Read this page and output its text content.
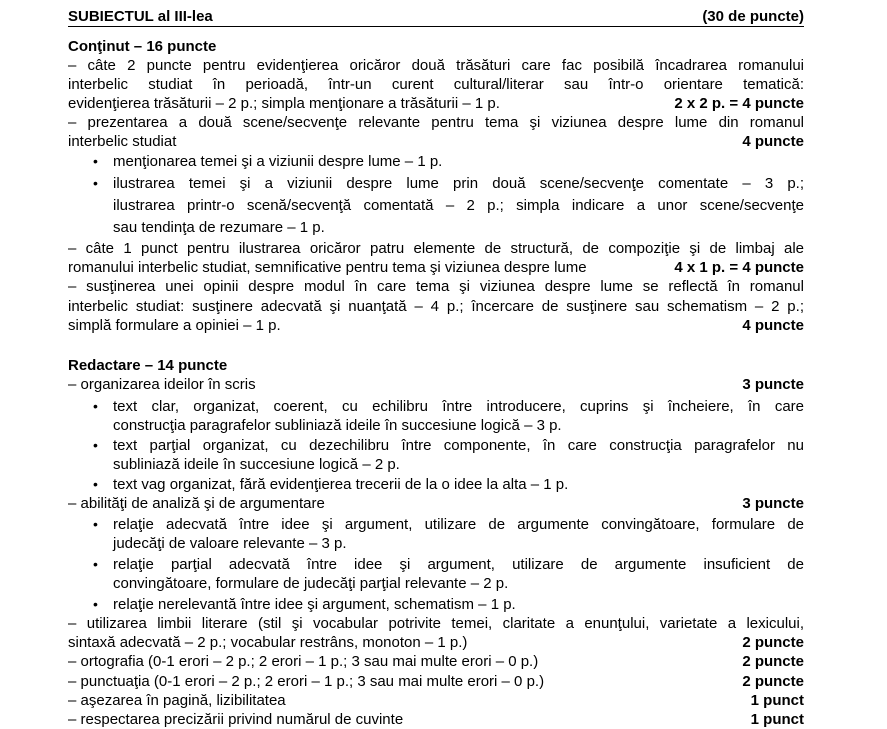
SUBIECTUL al III-lea	(30 de puncte)
Conţinut – 16 puncte
– câte 2 puncte pentru evidenţierea oricăror două trăsături care fac posibilă încadrarea romanului
interbelic studiat în perioadă, într-un curent cultural/literar sau într-o orientare tematică:
evidenţierea trăsăturii – 2 p.; simpla menţionare a trăsăturii – 1 p.	2 x 2 p. = 4 puncte
– prezentarea a două scene/secvenţe relevante pentru tema şi viziunea despre lume din romanul
interbelic studiat	4 puncte
• menţionarea temei şi a viziunii despre lume – 1 p.
• ilustrarea temei şi a viziunii despre lume prin două scene/secvenţe comentate – 3 p.;
ilustrarea printr-o scenă/secvenţă comentată – 2 p.; simpla indicare a unor scene/secvenţe
sau tendinţa de rezumare – 1 p.
– câte 1 punct pentru ilustrarea oricăror patru elemente de structură, de compoziţie şi de limbaj ale
romanului interbelic studiat, semnificative pentru tema şi viziunea despre lume	4 x 1 p. = 4 puncte
– susţinerea unei opinii despre modul în care tema şi viziunea despre lume se reflectă în romanul
interbelic studiat: susţinere adecvată şi nuanţată – 4 p.; încercare de susţinere sau schematism – 2 p.;
simplă formulare a opiniei – 1 p.	4 puncte
Redactare – 14 puncte
– organizarea ideilor în scris	3 puncte
• text clar, organizat, coerent, cu echilibru între introducere, cuprins şi încheiere, în care
construcţia paragrafelor subliniază ideile în succesiune logică – 3 p.
• text parţial organizat, cu dezechilibru între componente, în care construcţia paragrafelor nu
subliniază ideile în succesiune logică – 2 p.
• text vag organizat, fără evidenţierea trecerii de la o idee la alta – 1 p.
– abilităţi de analiză şi de argumentare	3 puncte
• relaţie adecvată între idee şi argument, utilizare de argumente convingătoare, formulare de
judecăţi de valoare relevante – 3 p.
• relaţie parţial adecvată între idee şi argument, utilizare de argumente insuficient de
convingătoare, formulare de judecăţi parţial relevante – 2 p.
• relaţie nerelevantă între idee şi argument, schematism – 1 p.
– utilizarea limbii literare (stil şi vocabular potrivite temei, claritate a enunţului, varietate a lexicului,
sintaxă adecvată – 2 p.; vocabular restrâns, monoton – 1 p.)	2 puncte
– ortografia (0-1 erori – 2 p.; 2 erori – 1 p.; 3 sau mai multe erori – 0 p.)	2 puncte
– punctuaţia (0-1 erori – 2 p.; 2 erori – 1 p.; 3 sau mai multe erori – 0 p.)	2 puncte
– aşezarea în pagină, lizibilitatea	1 punct
– respectarea precizării privind numărul de cuvinte	1 punct
